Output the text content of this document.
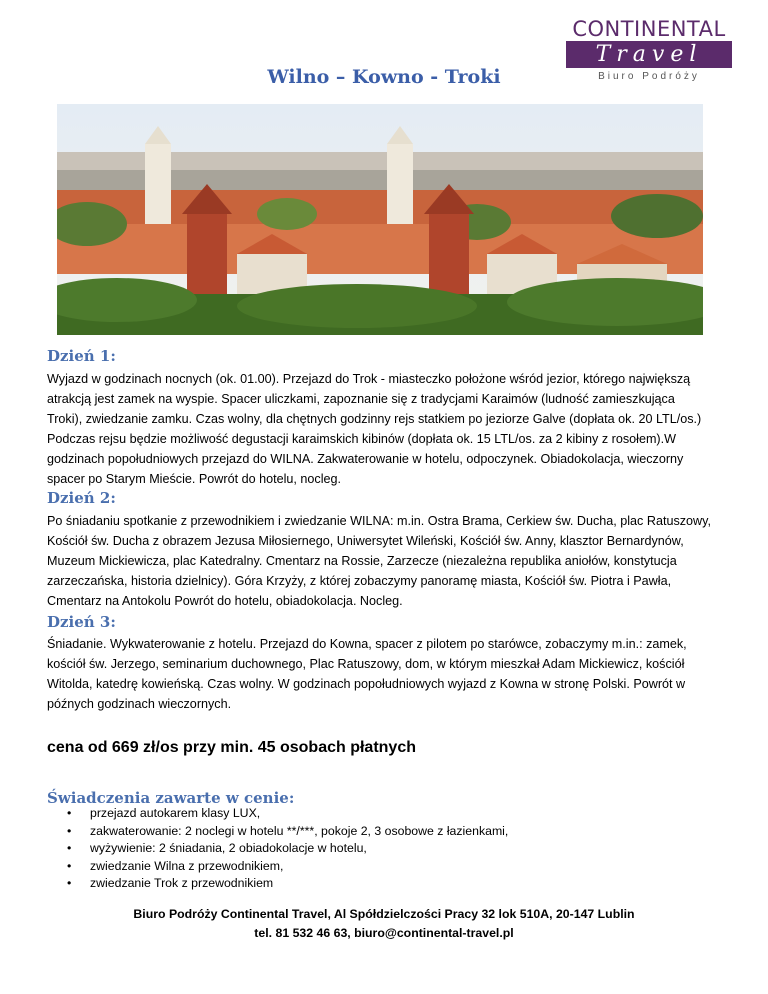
CONTINENTAL
Travel
Biuro Podróży
Wilno – Kowno - Troki
Dzień 1:
Wyjazd w godzinach nocnych (ok. 01.00). Przejazd do Trok - miasteczko położone wśród jezior, którego największą atrakcją jest zamek na wyspie. Spacer uliczkami, zapoznanie się z tradycjami Karaimów (ludność zamieszkująca Troki), zwiedzanie zamku. Czas wolny, dla chętnych godzinny rejs statkiem po jeziorze Galve (dopłata ok. 20 LTL/os.) Podczas rejsu będzie możliwość degustacji karaimskich kibinów (dopłata ok. 15 LTL/os. za 2 kibiny z rosołem).W godzinach popołudniowych przejazd do WILNA. Zakwaterowanie w hotelu, odpoczynek. Obiadokolacja, wieczorny spacer po Starym Mieście. Powrót do hotelu, nocleg.
Dzień 2:
Po śniadaniu spotkanie z przewodnikiem i zwiedzanie WILNA: m.in. Ostra Brama, Cerkiew św. Ducha, plac Ratuszowy, Kościół św. Ducha z obrazem Jezusa Miłosiernego, Uniwersytet Wileński, Kościół św. Anny, klasztor Bernardynów, Muzeum Mickiewicza, plac Katedralny. Cmentarz na Rossie, Zarzecze (niezależna republika aniołów, konstytucja zarzeczańska, historia dzielnicy). Góra Krzyży, z której zobaczymy panoramę miasta, Kościół św. Piotra i Pawła, Cmentarz na Antokolu Powrót do hotelu, obiadokolacja. Nocleg.
Dzień 3:
Śniadanie. Wykwaterowanie z hotelu. Przejazd do Kowna, spacer z pilotem po starówce, zobaczymy m.in.: zamek, kościół św. Jerzego, seminarium duchownego, Plac Ratuszowy, dom, w którym mieszkał Adam Mickiewicz, kościół Witolda, katedrę kowieńską. Czas wolny. W godzinach popołudniowych wyjazd z Kowna w stronę Polski. Powrót w późnych godzinach wieczornych.
cena od 669 zł/os przy min. 45 osobach płatnych
Świadczenia zawarte w cenie:
• przejazd autokarem klasy LUX,
• zakwaterowanie: 2 noclegi w hotelu **/***, pokoje 2, 3 osobowe z łazienkami,
• wyżywienie: 2 śniadania, 2 obiadokolacje w hotelu,
• zwiedzanie Wilna z przewodnikiem,
• zwiedzanie Trok z przewodnikiem
Biuro Podróży Continental Travel, Al Spółdzielczości Pracy 32 lok 510A, 20-147 Lublin
tel. 81 532 46 63, biuro@continental-travel.pl
